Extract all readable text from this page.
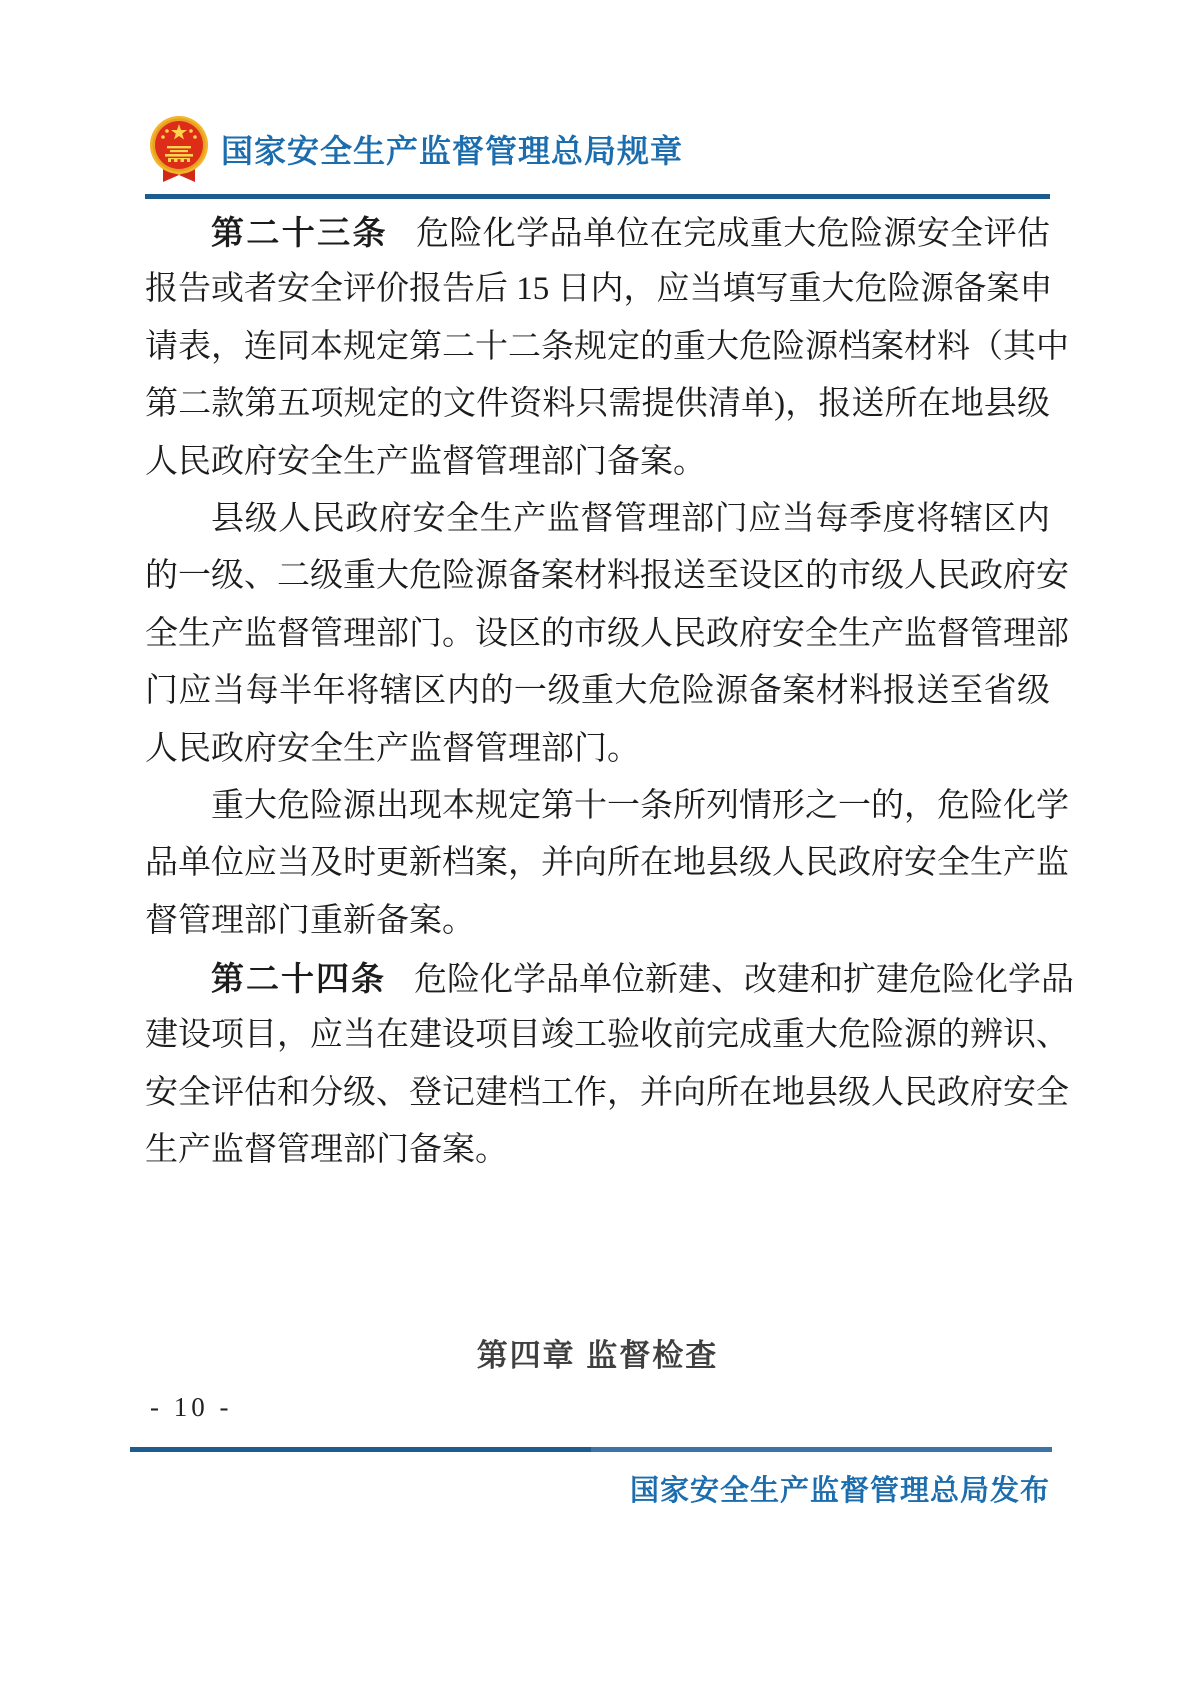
国家安全生产监督管理总局规章
第二十三条 危险化学品单位在完成重大危险源安全评估
报告或者安全评价报告后 15 日内，应当填写重大危险源备案申
请表，连同本规定第二十二条规定的重大危险源档案材料（其中
第二款第五项规定的文件资料只需提供清单)，报送所在地县级
人民政府安全生产监督管理部门备案。
县级人民政府安全生产监督管理部门应当每季度将辖区内
的一级、二级重大危险源备案材料报送至设区的市级人民政府安
全生产监督管理部门。设区的市级人民政府安全生产监督管理部
门应当每半年将辖区内的一级重大危险源备案材料报送至省级
人民政府安全生产监督管理部门。
重大危险源出现本规定第十一条所列情形之一的，危险化学
品单位应当及时更新档案，并向所在地县级人民政府安全生产监
督管理部门重新备案。
第二十四条 危险化学品单位新建、改建和扩建危险化学品
建设项目，应当在建设项目竣工验收前完成重大危险源的辨识、
安全评估和分级、登记建档工作，并向所在地县级人民政府安全
生产监督管理部门备案。
第四章 监督检查
- 10 -
国家安全生产监督管理总局发布
